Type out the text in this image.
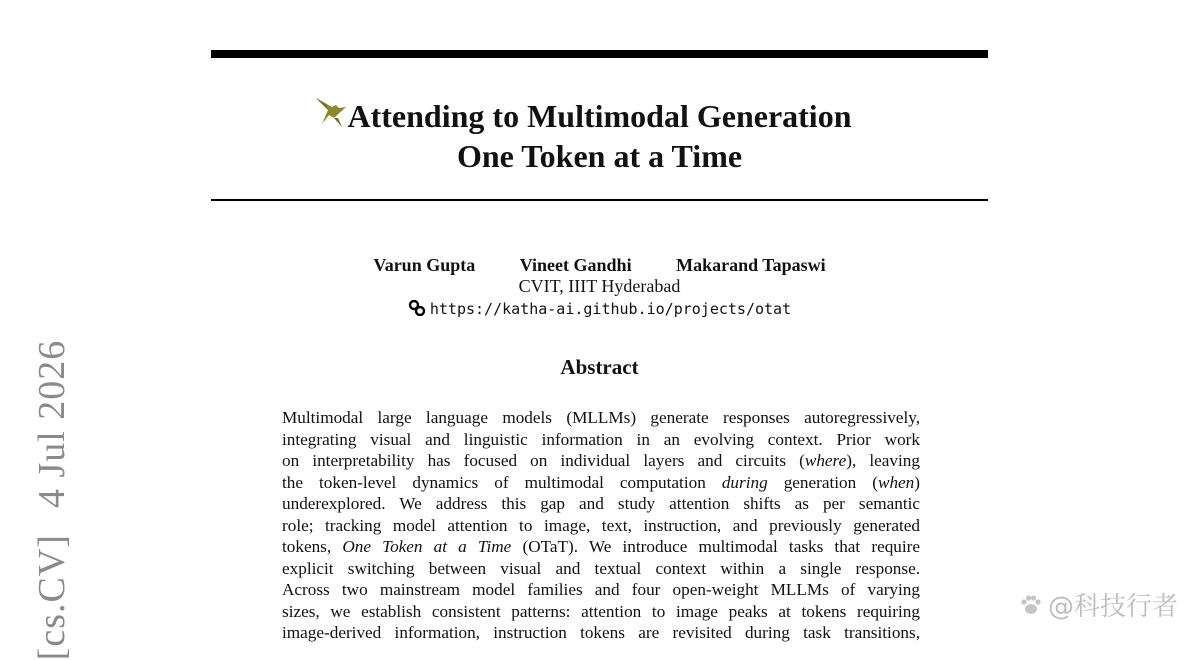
Attending to Multimodal Generation
One Token at a Time
Varun Gupta Vineet Gandhi Makarand Tapaswi
CVIT, IIIT Hyderabad
https://katha-ai.github.io/projects/otat
Abstract
Multimodal large language models (MLLMs) generate responses autoregressively,
integrating visual and linguistic information in an evolving context. Prior work
on interpretability has focused on individual layers and circuits (where), leaving
the token-level dynamics of multimodal computation during generation (when)
underexplored. We address this gap and study attention shifts as per semantic
role; tracking model attention to image, text, instruction, and previously generated
tokens, One Token at a Time (OTaT). We introduce multimodal tasks that require
explicit switching between visual and textual context within a single response.
Across two mainstream model families and four open-weight MLLMs of varying
sizes, we establish consistent patterns: attention to image peaks at tokens requiring
image-derived information, instruction tokens are revisited during task transitions,
[cs.CV]4 Jul 2026
@科技行者
